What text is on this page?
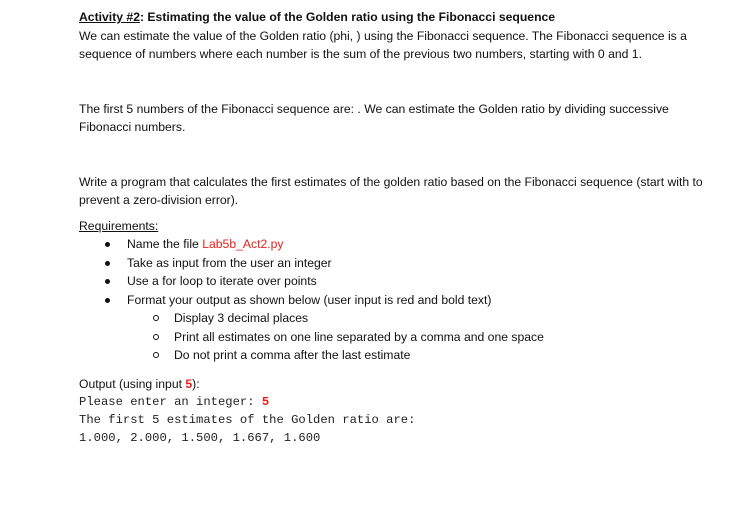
Activity #2: Estimating the value of the Golden ratio using the Fibonacci sequence

We can estimate the value of the Golden ratio (phi, ) using the Fibonacci sequence. The Fibonacci sequence is a sequence of numbers where each number is the sum of the previous two numbers, starting with 0 and 1.

The first 5 numbers of the Fibonacci sequence are: . We can estimate the Golden ratio by dividing successive Fibonacci numbers.

Write a program that calculates the first estimates of the golden ratio based on the Fibonacci sequence (start with to prevent a zero-division error).

Requirements:

Name the file Lab5b_Act2.py
Take as input from the user an integer
Use a for loop to iterate over points
Format your output as shown below (user input is red and bold text)
Display 3 decimal places
Print all estimates on one line separated by a comma and one space
Do not print a comma after the last estimate

Output (using input 5):

Please enter an integer: 5

The first 5 estimates of the Golden ratio are:

1.000, 2.000, 1.500, 1.667, 1.600
